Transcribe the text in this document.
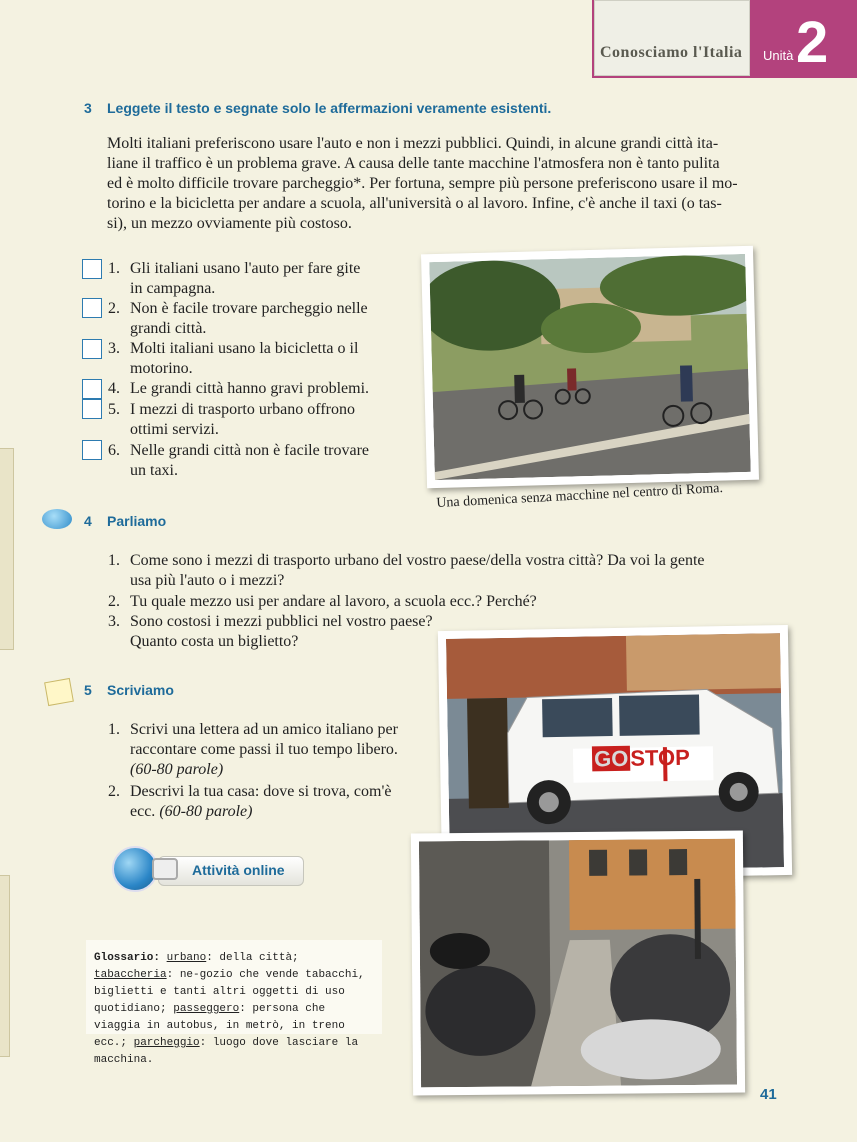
Conosciamo l'Italia Unità 2
3 Leggete il testo e segnate solo le affermazioni veramente esistenti.
Molti italiani preferiscono usare l'auto e non i mezzi pubblici. Quindi, in alcune grandi città ita-
liane il traffico è un problema grave. A causa delle tante macchine l'atmosfera non è tanto pulita
ed è molto difficile trovare parcheggio*. Per fortuna, sempre più persone preferiscono usare il mo-
torino e la bicicletta per andare a scuola, all'università o al lavoro. Infine, c'è anche il taxi (o tas-
si), un mezzo ovviamente più costoso.
1. Gli italiani usano l'auto per fare gite
in campagna.
2. Non è facile trovare parcheggio nelle
grandi città.
3. Molti italiani usano la bicicletta o il
motorino.
4. Le grandi città hanno gravi problemi.
5. I mezzi di trasporto urbano offrono
ottimi servizi.
6. Nelle grandi città non è facile trovare
un taxi.
Una domenica senza macchine nel centro di Roma.
4 Parliamo
1. Come sono i mezzi di trasporto urbano del vostro paese/della vostra città? Da voi la gente
usa più l'auto o i mezzi?
2. Tu quale mezzo usi per andare al lavoro, a scuola ecc.? Perché?
3. Sono costosi i mezzi pubblici nel vostro paese?
Quanto costa un biglietto?
5 Scriviamo
1. Scrivi una lettera ad un amico italiano per
raccontare come passi il tuo tempo libero.
(60-80 parole)
2. Descrivi la tua casa: dove si trova, com'è
ecc. (60-80 parole)
GOSTOP
Attività online
Glossario: urbano: della città; tabaccheria: ne-gozio che vende tabacchi, biglietti e tanti altri oggetti di uso quotidiano; passeggero: persona che viaggia in autobus, in metrò, in treno ecc.; parcheggio: luogo dove lasciare la macchina.
41
